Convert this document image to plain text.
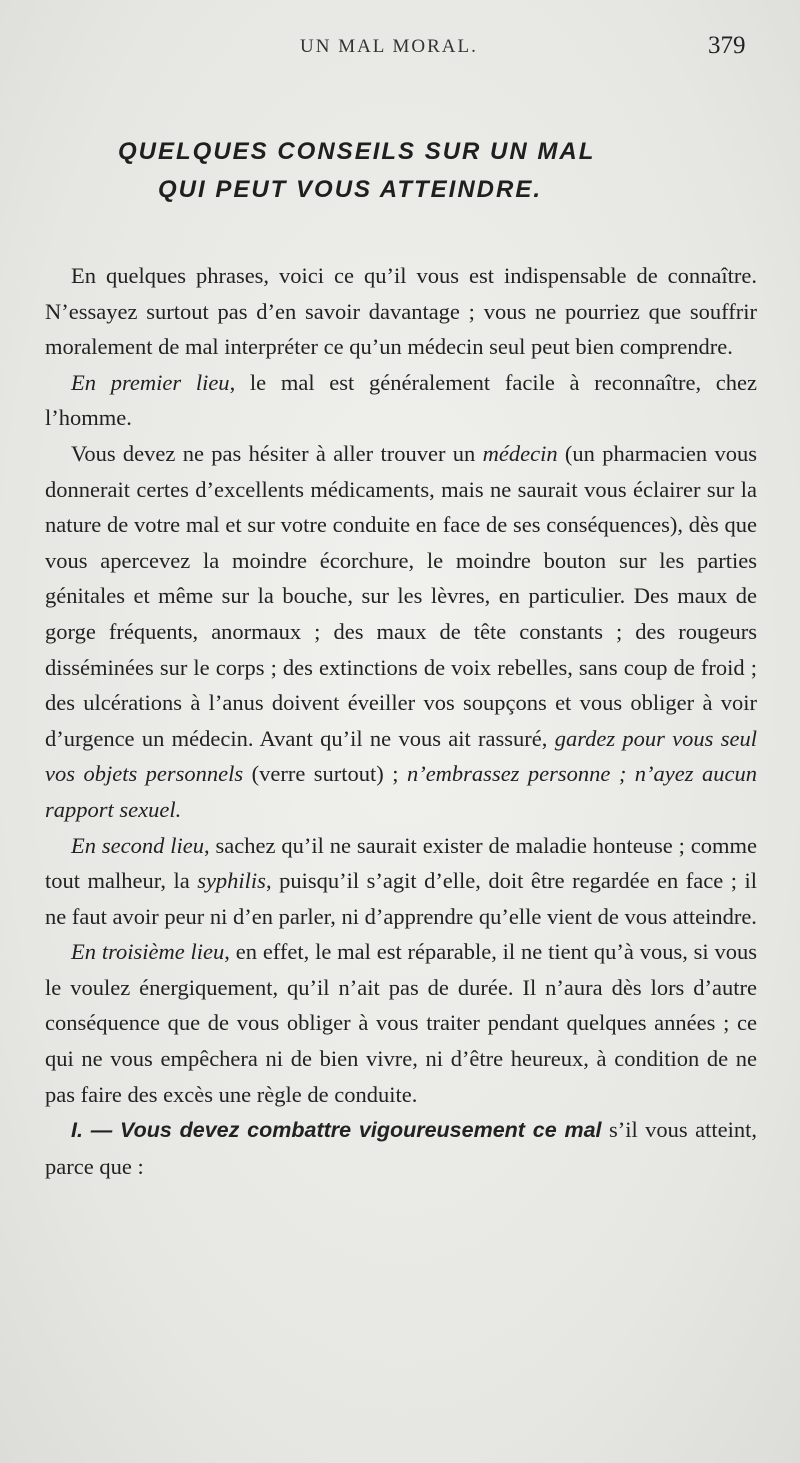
UN MAL MORAL.	379
QUELQUES CONSEILS SUR UN MAL
QUI PEUT VOUS ATTEINDRE.

En quelques phrases, voici ce qu’il vous est indispensable de connaître. N’essayez surtout pas d’en savoir davantage ; vous ne pourriez que souffrir moralement de mal interpréter ce qu’un médecin seul peut bien comprendre.

En premier lieu, le mal est généralement facile à reconnaître, chez l’homme.

Vous devez ne pas hésiter à aller trouver un médecin (un pharmacien vous donnerait certes d’excellents médicaments, mais ne saurait vous éclairer sur la nature de votre mal et sur votre conduite en face de ses conséquences), dès que vous apercevez la moindre écorchure, le moindre bouton sur les parties génitales et même sur la bouche, sur les lèvres, en particulier. Des maux de gorge fréquents, anormaux ; des maux de tête constants ; des rougeurs disséminées sur le corps ; des extinctions de voix rebelles, sans coup de froid ; des ulcérations à l’anus doivent éveiller vos soupçons et vous obliger à voir d’urgence un médecin. Avant qu’il ne vous ait rassuré, gardez pour vous seul vos objets personnels (verre surtout) ; n’embrassez personne ; n’ayez aucun rapport sexuel.

En second lieu, sachez qu’il ne saurait exister de maladie honteuse ; comme tout malheur, la syphilis, puisqu’il s’agit d’elle, doit être regardée en face ; il ne faut avoir peur ni d’en parler, ni d’apprendre qu’elle vient de vous atteindre.

En troisième lieu, en effet, le mal est réparable, il ne tient qu’à vous, si vous le voulez énergiquement, qu’il n’ait pas de durée. Il n’aura dès lors d’autre conséquence que de vous obliger à vous traiter pendant quelques années ; ce qui ne vous empêchera ni de bien vivre, ni d’être heureux, à condition de ne pas faire des excès une règle de conduite.

I. — Vous devez combattre vigoureusement ce mal s’il vous atteint, parce que :
